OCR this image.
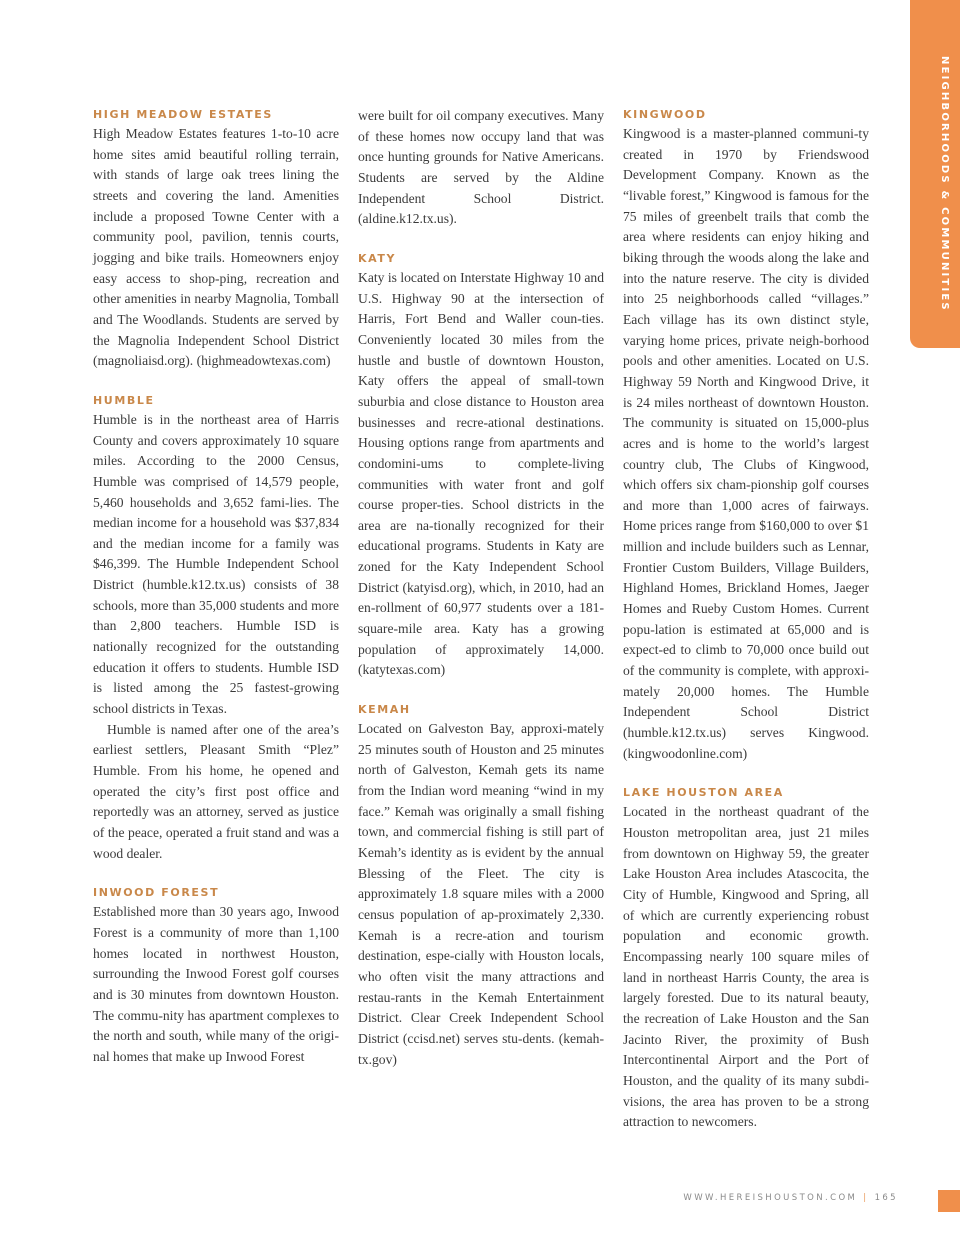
NEIGHBORHOODS & COMMUNITIES
HIGH MEADOW ESTATES

High Meadow Estates features 1-to-10 acre home sites amid beautiful rolling terrain, with stands of large oak trees lining the streets and covering the land. Amenities include a proposed Towne Center with a community pool, pavilion, tennis courts, jogging and bike trails. Homeowners enjoy easy access to shop-ping, recreation and other amenities in nearby Magnolia, Tomball and The Woodlands. Students are served by the Magnolia Independent School District (magnoliaisd.org). (highmeadowtexas.com)

HUMBLE

Humble is in the northeast area of Harris County and covers approximately 10 square miles. According to the 2000 Census, Humble was comprised of 14,579 people, 5,460 households and 3,652 fami-lies. The median income for a household was $37,834 and the median income for a family was $46,399. The Humble Independent School District (humble.k12.tx.us) consists of 38 schools, more than 35,000 students and more than 2,800 teachers. Humble ISD is nationally recognized for the outstanding education it offers to students. Humble ISD is listed among the 25 fastest-growing school districts in Texas.

Humble is named after one of the area’s earliest settlers, Pleasant Smith “Plez” Humble. From his home, he opened and operated the city’s first post office and reportedly was an attorney, served as justice of the peace, operated a fruit stand and was a wood dealer.

INWOOD FOREST

Established more than 30 years ago, Inwood Forest is a community of more than 1,100 homes located in northwest Houston, surrounding the Inwood Forest golf courses and is 30 minutes from downtown Houston. The commu-nity has apartment complexes to the north and south, while many of the origi-nal homes that make up Inwood Forest

were built for oil company executives. Many of these homes now occupy land that was once hunting grounds for Native Americans. Students are served by the Aldine Independent School District. (aldine.k12.tx.us).

KATY

Katy is located on Interstate Highway 10 and U.S. Highway 90 at the intersection of Harris, Fort Bend and Waller coun-ties. Conveniently located 30 miles from the hustle and bustle of downtown Houston, Katy offers the appeal of small-town suburbia and close distance to Houston area businesses and recre-ational destinations. Housing options range from apartments and condomini-ums to complete-living communities with water front and golf course proper-ties. School districts in the area are na-tionally recognized for their educational programs. Students in Katy are zoned for the Katy Independent School District (katyisd.org), which, in 2010, had an en-rollment of 60,977 students over a 181-square-mile area. Katy has a growing population of approximately 14,000. (katytexas.com)

KEMAH

Located on Galveston Bay, approxi-mately 25 minutes south of Houston and 25 minutes north of Galveston, Kemah gets its name from the Indian word meaning “wind in my face.” Kemah was originally a small fishing town, and commercial fishing is still part of Kemah’s identity as is evident by the annual Blessing of the Fleet. The city is approximately 1.8 square miles with a 2000 census population of ap-proximately 2,330. Kemah is a recre-ation and tourism destination, espe-cially with Houston locals, who often visit the many attractions and restau-rants in the Kemah Entertainment District. Clear Creek Independent School District (ccisd.net) serves stu-dents. (kemah-tx.gov)

KINGWOOD

Kingwood is a master-planned communi-ty created in 1970 by Friendswood Development Company. Known as the “livable forest,” Kingwood is famous for the 75 miles of greenbelt trails that comb the area where residents can enjoy hiking and biking through the woods along the lake and into the nature reserve. The city is divided into 25 neighborhoods called “villages.” Each village has its own distinct style, varying home prices, private neigh-borhood pools and other amenities. Located on U.S. Highway 59 North and Kingwood Drive, it is 24 miles northeast of downtown Houston. The community is situated on 15,000-plus acres and is home to the world’s largest country club, The Clubs of Kingwood, which offers six cham-pionship golf courses and more than 1,000 acres of fairways. Home prices range from $160,000 to over $1 million and include builders such as Lennar, Frontier Custom Builders, Village Builders, Highland Homes, Brickland Homes, Jaeger Homes and Rueby Custom Homes. Current popu-lation is estimated at 65,000 and is expect-ed to climb to 70,000 once build out of the community is complete, with approxi-mately 20,000 homes. The Humble Independent School District (humble.k12.tx.us) serves Kingwood. (kingwoodonline.com)

LAKE HOUSTON AREA

Located in the northeast quadrant of the Houston metropolitan area, just 21 miles from downtown on Highway 59, the greater Lake Houston Area includes Atascocita, the City of Humble, Kingwood and Spring, all of which are currently experiencing robust population and economic growth. Encompassing nearly 100 square miles of land in northeast Harris County, the area is largely forested. Due to its natural beauty, the recreation of Lake Houston and the San Jacinto River, the proximity of Bush Intercontinental Airport and the Port of Houston, and the quality of its many subdi-visions, the area has proven to be a strong attraction to newcomers.

WWW.HEREISHOUSTON.COM | 165
